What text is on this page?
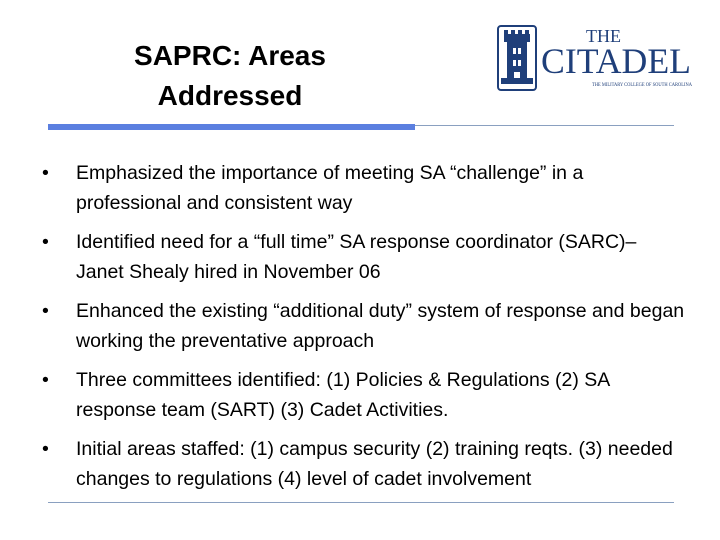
SAPRC: Areas
Addressed
THE
CITADEL
THE MILITARY COLLEGE OF SOUTH CAROLINA
• Emphasized the importance of meeting SA “challenge” in a professional and consistent way
• Identified need for a “full time” SA response coordinator (SARC)– Janet Shealy hired in November 06
• Enhanced the existing “additional duty” system of response and began working the preventative approach
• Three committees identified: (1) Policies & Regulations (2) SA response team (SART) (3) Cadet Activities.
• Initial areas staffed: (1) campus security (2) training reqts. (3) needed changes to regulations (4) level of cadet involvement
